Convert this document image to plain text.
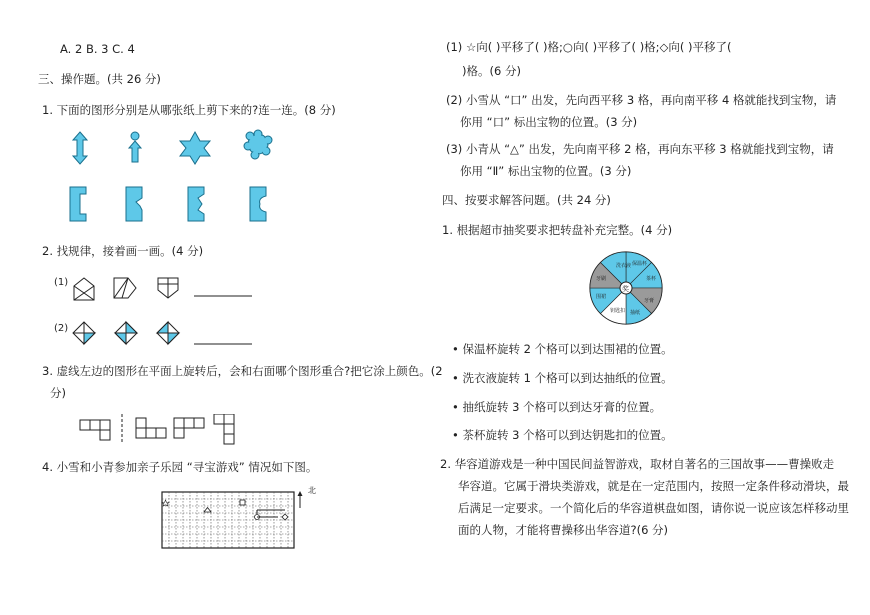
A. 2 B. 3 C. 4
三、操作题。(共 26 分)
1. 下面的图形分别是从哪张纸上剪下来的?连一连。(8 分)
2. 找规律，接着画一画。(4 分)
(1)
(2)
3. 虚线左边的图形在平面上旋转后，会和右面哪个图形重合?把它涂上颜色。(2
分)
4. 小雪和小青参加亲子乐园 “寻宝游戏” 情况如下图。
北
(1) ☆向( )平移了( )格;○向( )平移了( )格;◇向( )平移了(
)格。(6 分)
(2) 小雪从 “口” 出发，先向西平移 3 格，再向南平移 4 格就能找到宝物，请
你用 “口” 标出宝物的位置。(3 分)
(3) 小青从 “△” 出发，先向南平移 2 格，再向东平移 3 格就能找到宝物，请
你用 “Ⅱ” 标出宝物的位置。(3 分)
四、按要求解答问题。(共 24 分)
1. 根据超市抽奖要求把转盘补充完整。(4 分)
洗衣液 保温杯
茶杯
牙膏
抽纸
钥匙扣
围裙
牙刷
奖
• 保温杯旋转 2 个格可以到达围裙的位置。
• 洗衣液旋转 1 个格可以到达抽纸的位置。
• 抽纸旋转 3 个格可以到达牙膏的位置。
• 茶杯旋转 3 个格可以到达钥匙扣的位置。
2. 华容道游戏是一种中国民间益智游戏，取材自著名的三国故事——曹操败走
华容道。它属于滑块类游戏，就是在一定范围内，按照一定条件移动滑块，最
后满足一定要求。一个简化后的华容道棋盘如图，请你说一说应该怎样移动里
面的人物，才能将曹操移出华容道?(6 分)
